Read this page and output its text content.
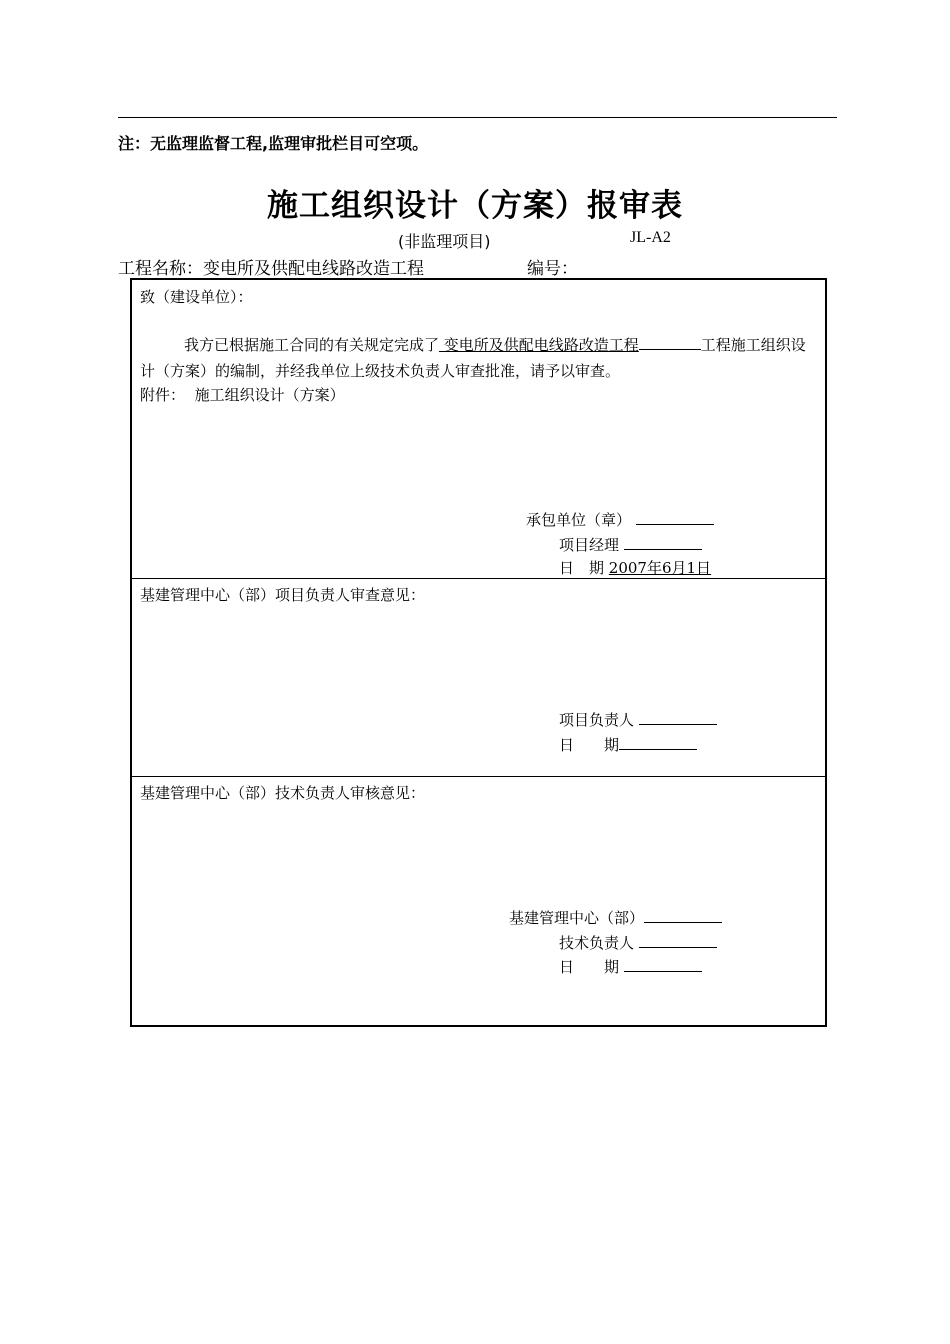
注：无监理监督工程,监理审批栏目可空项。
施工组织设计（方案）报审表
(非监理项目)	JL-A2
工程名称：变电所及供配电线路改造工程	编号：
致（建设单位）：
我方已根据施工合同的有关规定完成了 变电所及供配电线路改造工程	工程施工组织设计（方案）的编制，并经我单位上级技术负责人审查批准，请予以审查。
附件： 施工组织设计（方案）
承包单位（章）
项目经理
日　期 2007年6月1日
基建管理中心（部）项目负责人审查意见：
项目负责人
日　　期
基建管理中心（部）技术负责人审核意见：
基建管理中心（部）
技术负责人
日　　期
